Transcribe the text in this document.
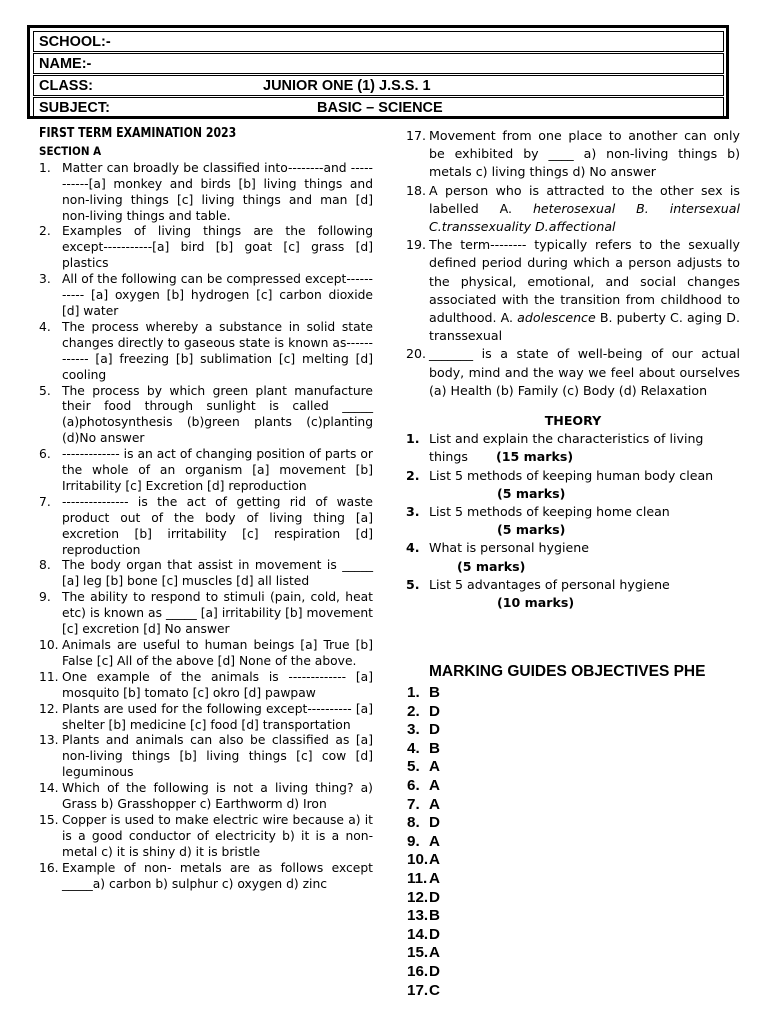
SCHOOL:-
NAME:-
CLASS:	JUNIOR ONE (1) J.S.S. 1
SUBJECT:	BASIC – SCIENCE
FIRST TERM EXAMINATION 2023
SECTION A
1. Matter can broadly be classified into--------and -----------[a] monkey and birds [b] living things and non-living things [c] living things and man [d] non-living things and table.
2. Examples of living things are the following except-----------[a] bird [b] goat [c] grass [d] plastics
3. All of the following can be compressed except----------- [a] oxygen [b] hydrogen [c] carbon dioxide [d] water
4. The process whereby a substance in solid state changes directly to gaseous state is known as------------ [a] freezing [b] sublimation [c] melting [d] cooling
5. The process by which green plant manufacture their food through sunlight is called _____ (a)photosynthesis (b)green plants (c)planting (d)No answer
6. ------------- is an act of changing position of parts or the whole of an organism [a] movement [b] Irritability [c] Excretion [d] reproduction
7. --------------- is the act of getting rid of waste product out of the body of living thing [a] excretion [b] irritability [c] respiration [d] reproduction
8. The body organ that assist in movement is _____ [a] leg [b] bone [c] muscles [d] all listed
9. The ability to respond to stimuli (pain, cold, heat etc) is known as _____ [a] irritability [b] movement [c] excretion [d] No answer
10. Animals are useful to human beings [a] True [b] False [c] All of the above [d] None of the above.
11. One example of the animals is ------------- [a] mosquito [b] tomato [c] okro [d] pawpaw
12. Plants are used for the following except---------- [a] shelter [b] medicine [c] food [d] transportation
13. Plants and animals can also be classified as [a] non-living things [b] living things [c] cow [d] leguminous
14. Which of the following is not a living thing? a) Grass b) Grasshopper c) Earthworm d) Iron
15. Copper is used to make electric wire because a) it is a good conductor of electricity b) it is a non-metal c) it is shiny d) it is bristle
16. Example of non- metals are as follows except _____a) carbon b) sulphur c) oxygen d) zinc
17. Movement from one place to another can only be exhibited by ____ a) non-living things b) metals c) living things d) No answer
18. A person who is attracted to the other sex is labelled A. heterosexual B. intersexual C.transsexuality D.affectional
19. The term-------- typically refers to the sexually defined period during which a person adjusts to the physical, emotional, and social changes associated with the transition from childhood to adulthood. A. adolescence B. puberty C. aging D. transsexual
20. _______ is a state of well-being of our actual body, mind and the way we feel about ourselves (a) Health (b) Family (c) Body (d) Relaxation
THEORY
1. List and explain the characteristics of living things (15 marks)
2. List 5 methods of keeping human body clean
(5 marks)
3. List 5 methods of keeping home clean
(5 marks)
4. What is personal hygiene
(5 marks)
5. List 5 advantages of personal hygiene
(10 marks)
MARKING GUIDES OBJECTIVES PHE
1. B
2. D
3. D
4. B
5. A
6. A
7. A
8. D
9. A
10. A
11. A
12. D
13. B
14. D
15. A
16. D
17. C
